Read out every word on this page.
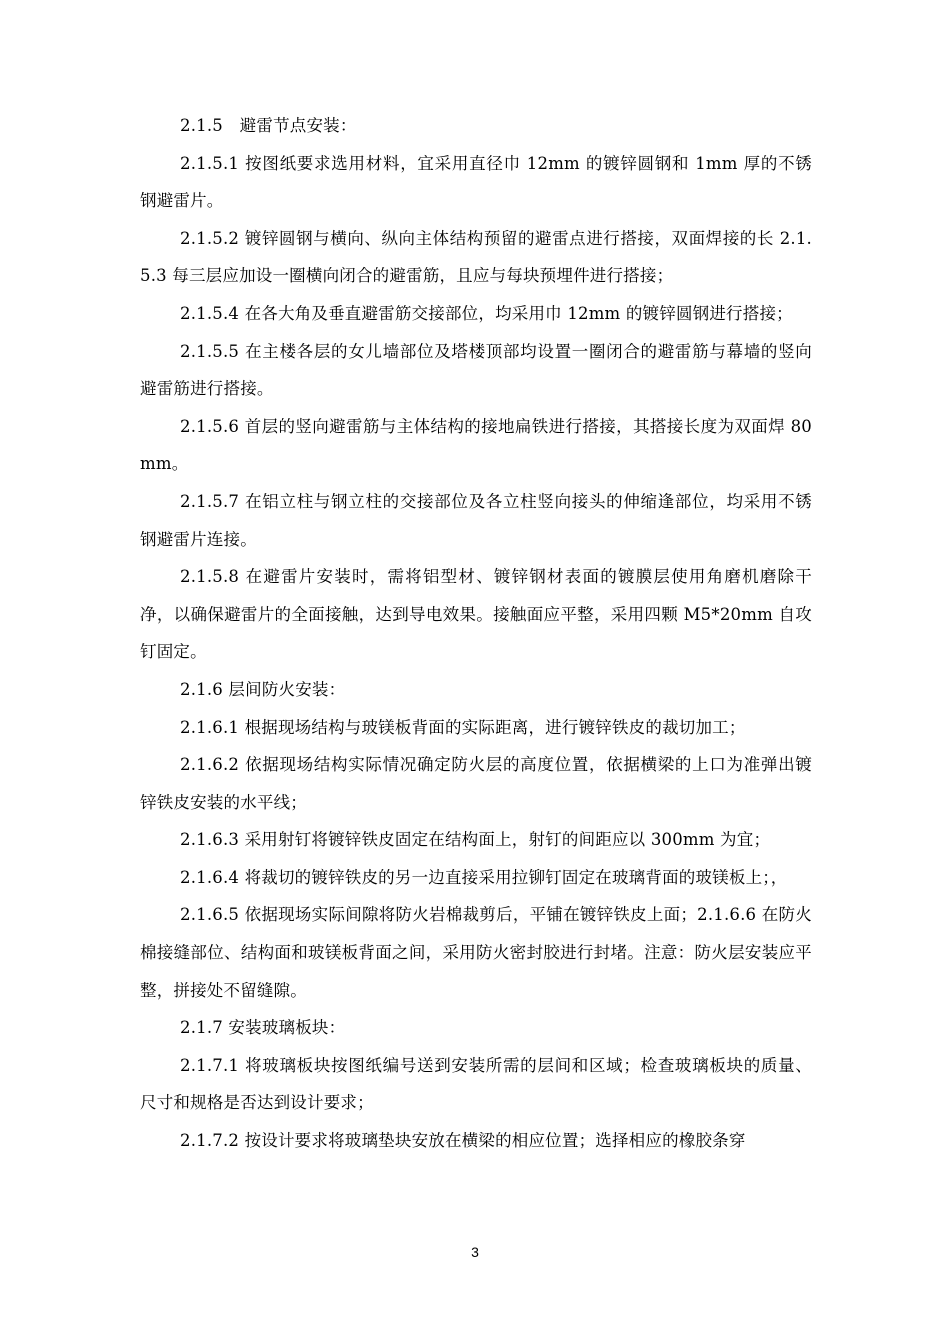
2.1.5　避雷节点安装：

2.1.5.1 按图纸要求选用材料，宜采用直径巾 12mm 的镀锌圆钢和 1mm 厚的不锈钢避雷片。

2.1.5.2 镀锌圆钢与横向、纵向主体结构预留的避雷点进行搭接，双面焊接的长 2.1.5.3 每三层应加设一圈横向闭合的避雷筋，且应与每块预埋件进行搭接；

2.1.5.4 在各大角及垂直避雷筋交接部位，均采用巾 12mm 的镀锌圆钢进行搭接；

2.1.5.5 在主楼各层的女儿墙部位及塔楼顶部均设置一圈闭合的避雷筋与幕墙的竖向避雷筋进行搭接。

2.1.5.6 首层的竖向避雷筋与主体结构的接地扁铁进行搭接，其搭接长度为双面焊 80mm。

2.1.5.7 在铝立柱与钢立柱的交接部位及各立柱竖向接头的伸缩逢部位，均采用不锈钢避雷片连接。

2.1.5.8 在避雷片安装时，需将铝型材、镀锌钢材表面的镀膜层使用角磨机磨除干净，以确保避雷片的全面接触，达到导电效果。接触面应平整，采用四颗 M5*20mm 自攻钉固定。

2.1.6 层间防火安装：

2.1.6.1 根据现场结构与玻镁板背面的实际距离，进行镀锌铁皮的裁切加工；

2.1.6.2 依据现场结构实际情况确定防火层的高度位置，依据横梁的上口为准弹出镀锌铁皮安装的水平线；

2.1.6.3 采用射钉将镀锌铁皮固定在结构面上，射钉的间距应以 300mm 为宜；

2.1.6.4 将裁切的镀锌铁皮的另一边直接采用拉铆钉固定在玻璃背面的玻镁板上；，

2.1.6.5 依据现场实际间隙将防火岩棉裁剪后，平铺在镀锌铁皮上面；2.1.6.6 在防火棉接缝部位、结构面和玻镁板背面之间，采用防火密封胶进行封堵。注意：防火层安装应平整，拼接处不留缝隙。

2.1.7 安装玻璃板块：

2.1.7.1 将玻璃板块按图纸编号送到安装所需的层间和区域；检查玻璃板块的质量、尺寸和规格是否达到设计要求；

2.1.7.2 按设计要求将玻璃垫块安放在横梁的相应位置；选择相应的橡胶条穿

3
